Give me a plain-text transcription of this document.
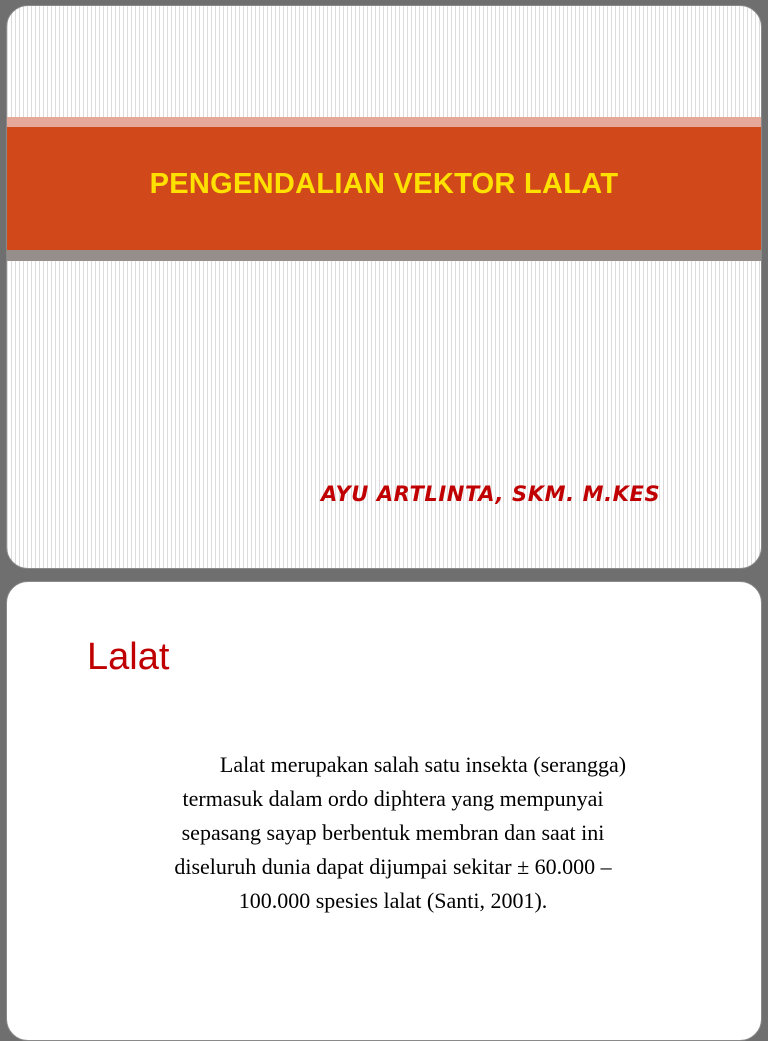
PENGENDALIAN VEKTOR LALAT

AYU ARTLINTA, SKM. M.KES

Lalat

Lalat merupakan salah satu insekta (serangga)
termasuk dalam ordo diphtera yang mempunyai
sepasang sayap berbentuk membran dan saat ini
diseluruh dunia dapat dijumpai sekitar ± 60.000 –
100.000 spesies lalat (Santi, 2001).
